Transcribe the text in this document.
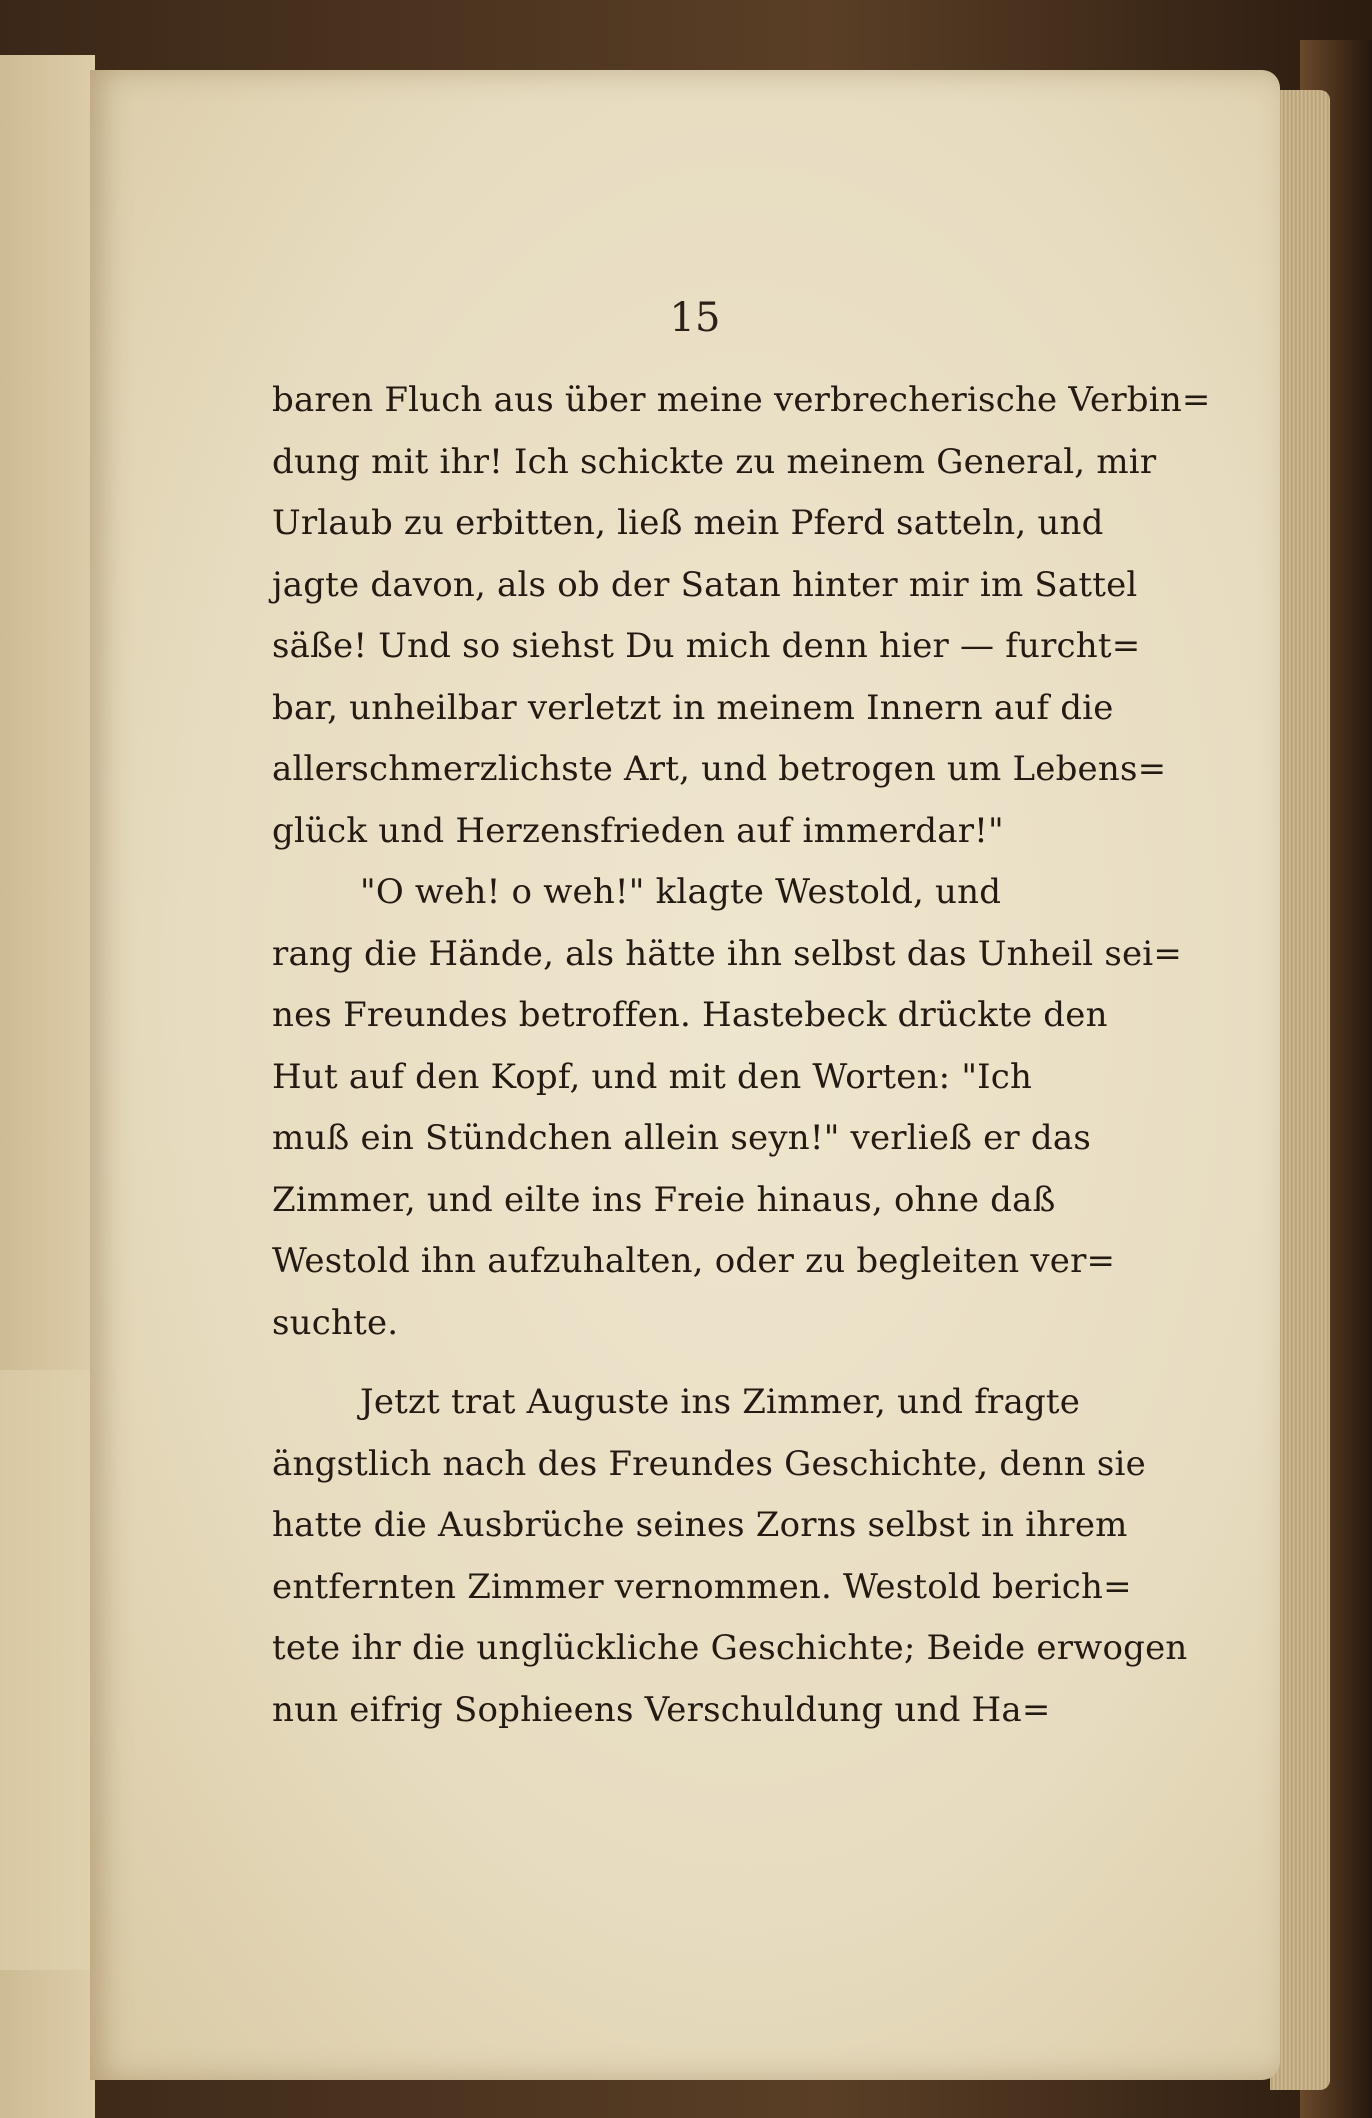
15
baren Fluch aus über meine verbrecherische Verbin=
dung mit ihr! Ich schickte zu meinem General, mir
Urlaub zu erbitten, ließ mein Pferd satteln, und
jagte davon, als ob der Satan hinter mir im Sattel
säße! Und so siehst Du mich denn hier — furcht=
bar, unheilbar verletzt in meinem Innern auf die
allerschmerzlichste Art, und betrogen um Lebens=
glück und Herzensfrieden auf immerdar!"
"O weh! o weh!" klagte Westold, und
rang die Hände, als hätte ihn selbst das Unheil sei=
nes Freundes betroffen. Hastebeck drückte den
Hut auf den Kopf, und mit den Worten: "Ich
muß ein Stündchen allein seyn!" verließ er das
Zimmer, und eilte ins Freie hinaus, ohne daß
Westold ihn aufzuhalten, oder zu begleiten ver=
suchte.
Jetzt trat Auguste ins Zimmer, und fragte
ängstlich nach des Freundes Geschichte, denn sie
hatte die Ausbrüche seines Zorns selbst in ihrem
entfernten Zimmer vernommen. Westold berich=
tete ihr die unglückliche Geschichte; Beide erwogen
nun eifrig Sophieens Verschuldung und Ha=
